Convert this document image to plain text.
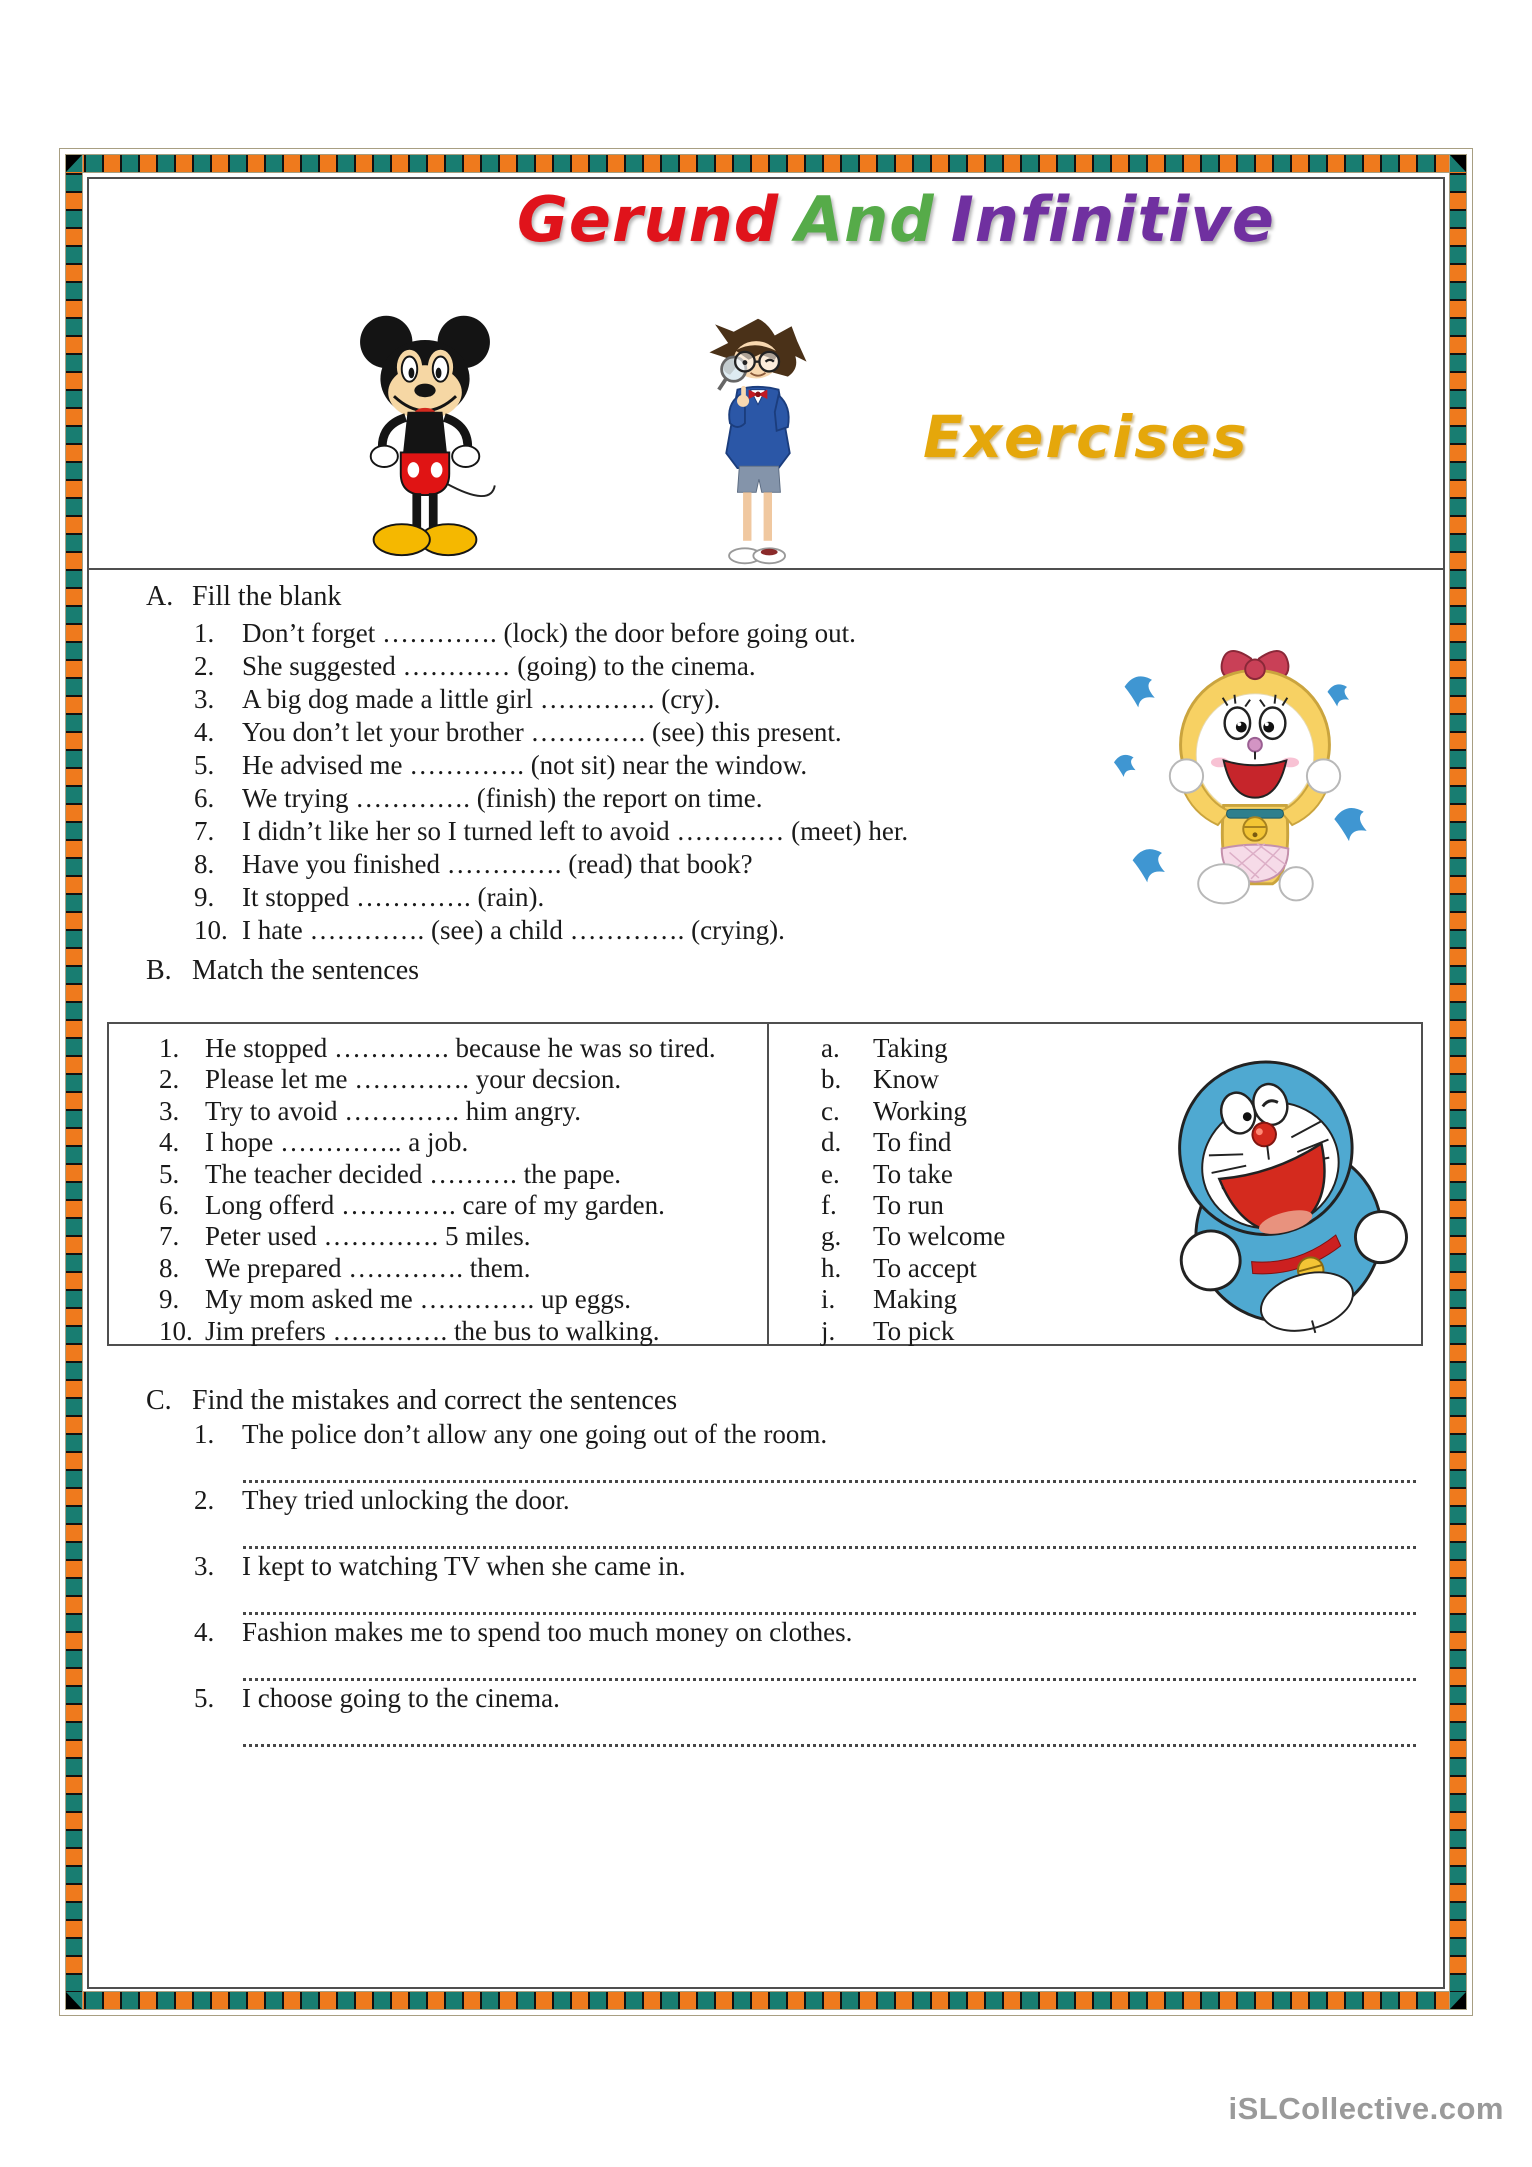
Gerund And Infinitive
Exercises
A. Fill the blank
1.	Don’t forget …………. (lock) the door before going out.
2.	She suggested ………… (going) to the cinema.
3.	A big dog made a little girl …………. (cry).
4.	You don’t let your brother …………. (see) this present.
5.	He advised me …………. (not sit) near the window.
6.	We trying …………. (finish) the report on time.
7.	I didn’t like her so I turned left to avoid ………… (meet) her.
8.	Have you finished …………. (read) that book?
9.	It stopped …………. (rain).
10. I hate …………. (see) a child …………. (crying).
B. Match the sentences
1. He stopped …………. because he was so tired.
2. Please let me …………. your decsion.
3. Try to avoid …………. him angry.
4. I hope ………….. a job.
5. The teacher decided ………. the pape.
6. Long offerd …………. care of my garden.
7. Peter used …………. 5 miles.
8. We prepared …………. them.
9. My mom asked me …………. up eggs.
10. Jim prefers …………. the bus to walking.
a.	Taking
b.	Know
c.	Working
d.	To find
e.	To take
f.	To run
g.	To welcome
h.	To accept
i.	Making
j.	To pick
C. Find the mistakes and correct the sentences
1.	The police don’t allow any one going out of the room.
2.	They tried unlocking the door.
3.	I kept to watching TV when she came in.
4.	Fashion makes me to spend too much money on clothes.
5.	I choose going to the cinema.
iSLCollective.com
